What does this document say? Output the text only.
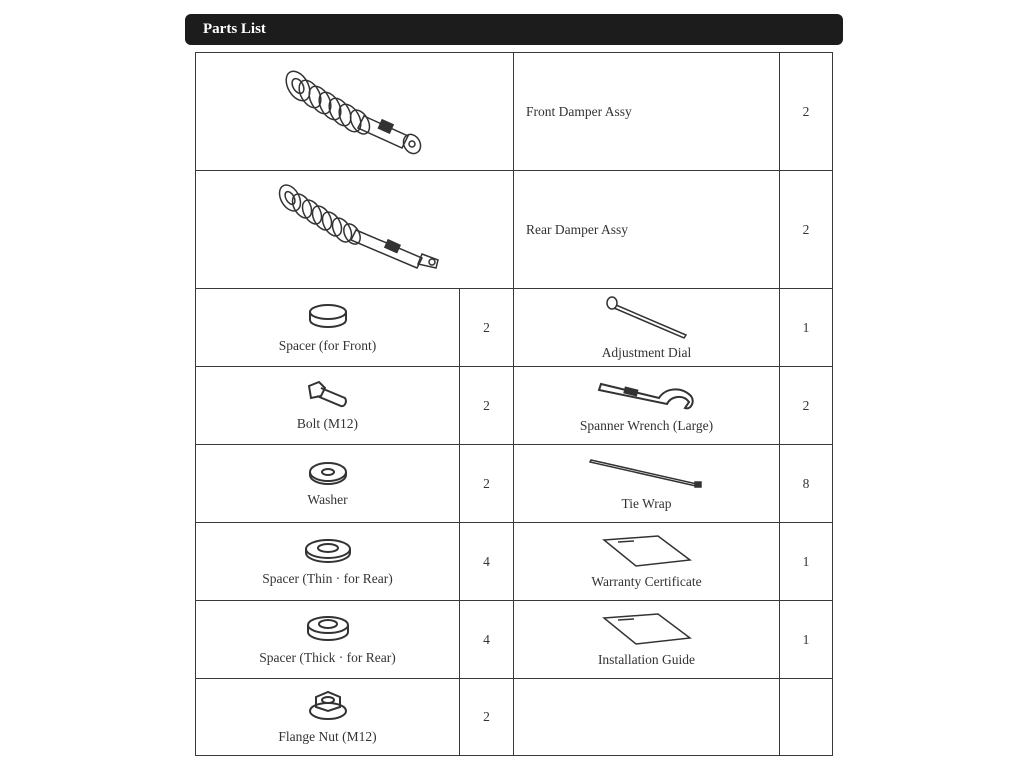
Parts List
	Front Damper Assy	2

	Rear Damper Assy	2

Spacer (for Front)	2	Adjustment Dial	1

Bolt (M12)	2	Spanner Wrench (Large)	2

Washer	2	Tie Wrap	8

Spacer (Thin · for Rear)	4	Warranty Certificate	1

Spacer (Thick · for Rear)	4	Installation Guide	1

Flange Nut (M12)	2		
